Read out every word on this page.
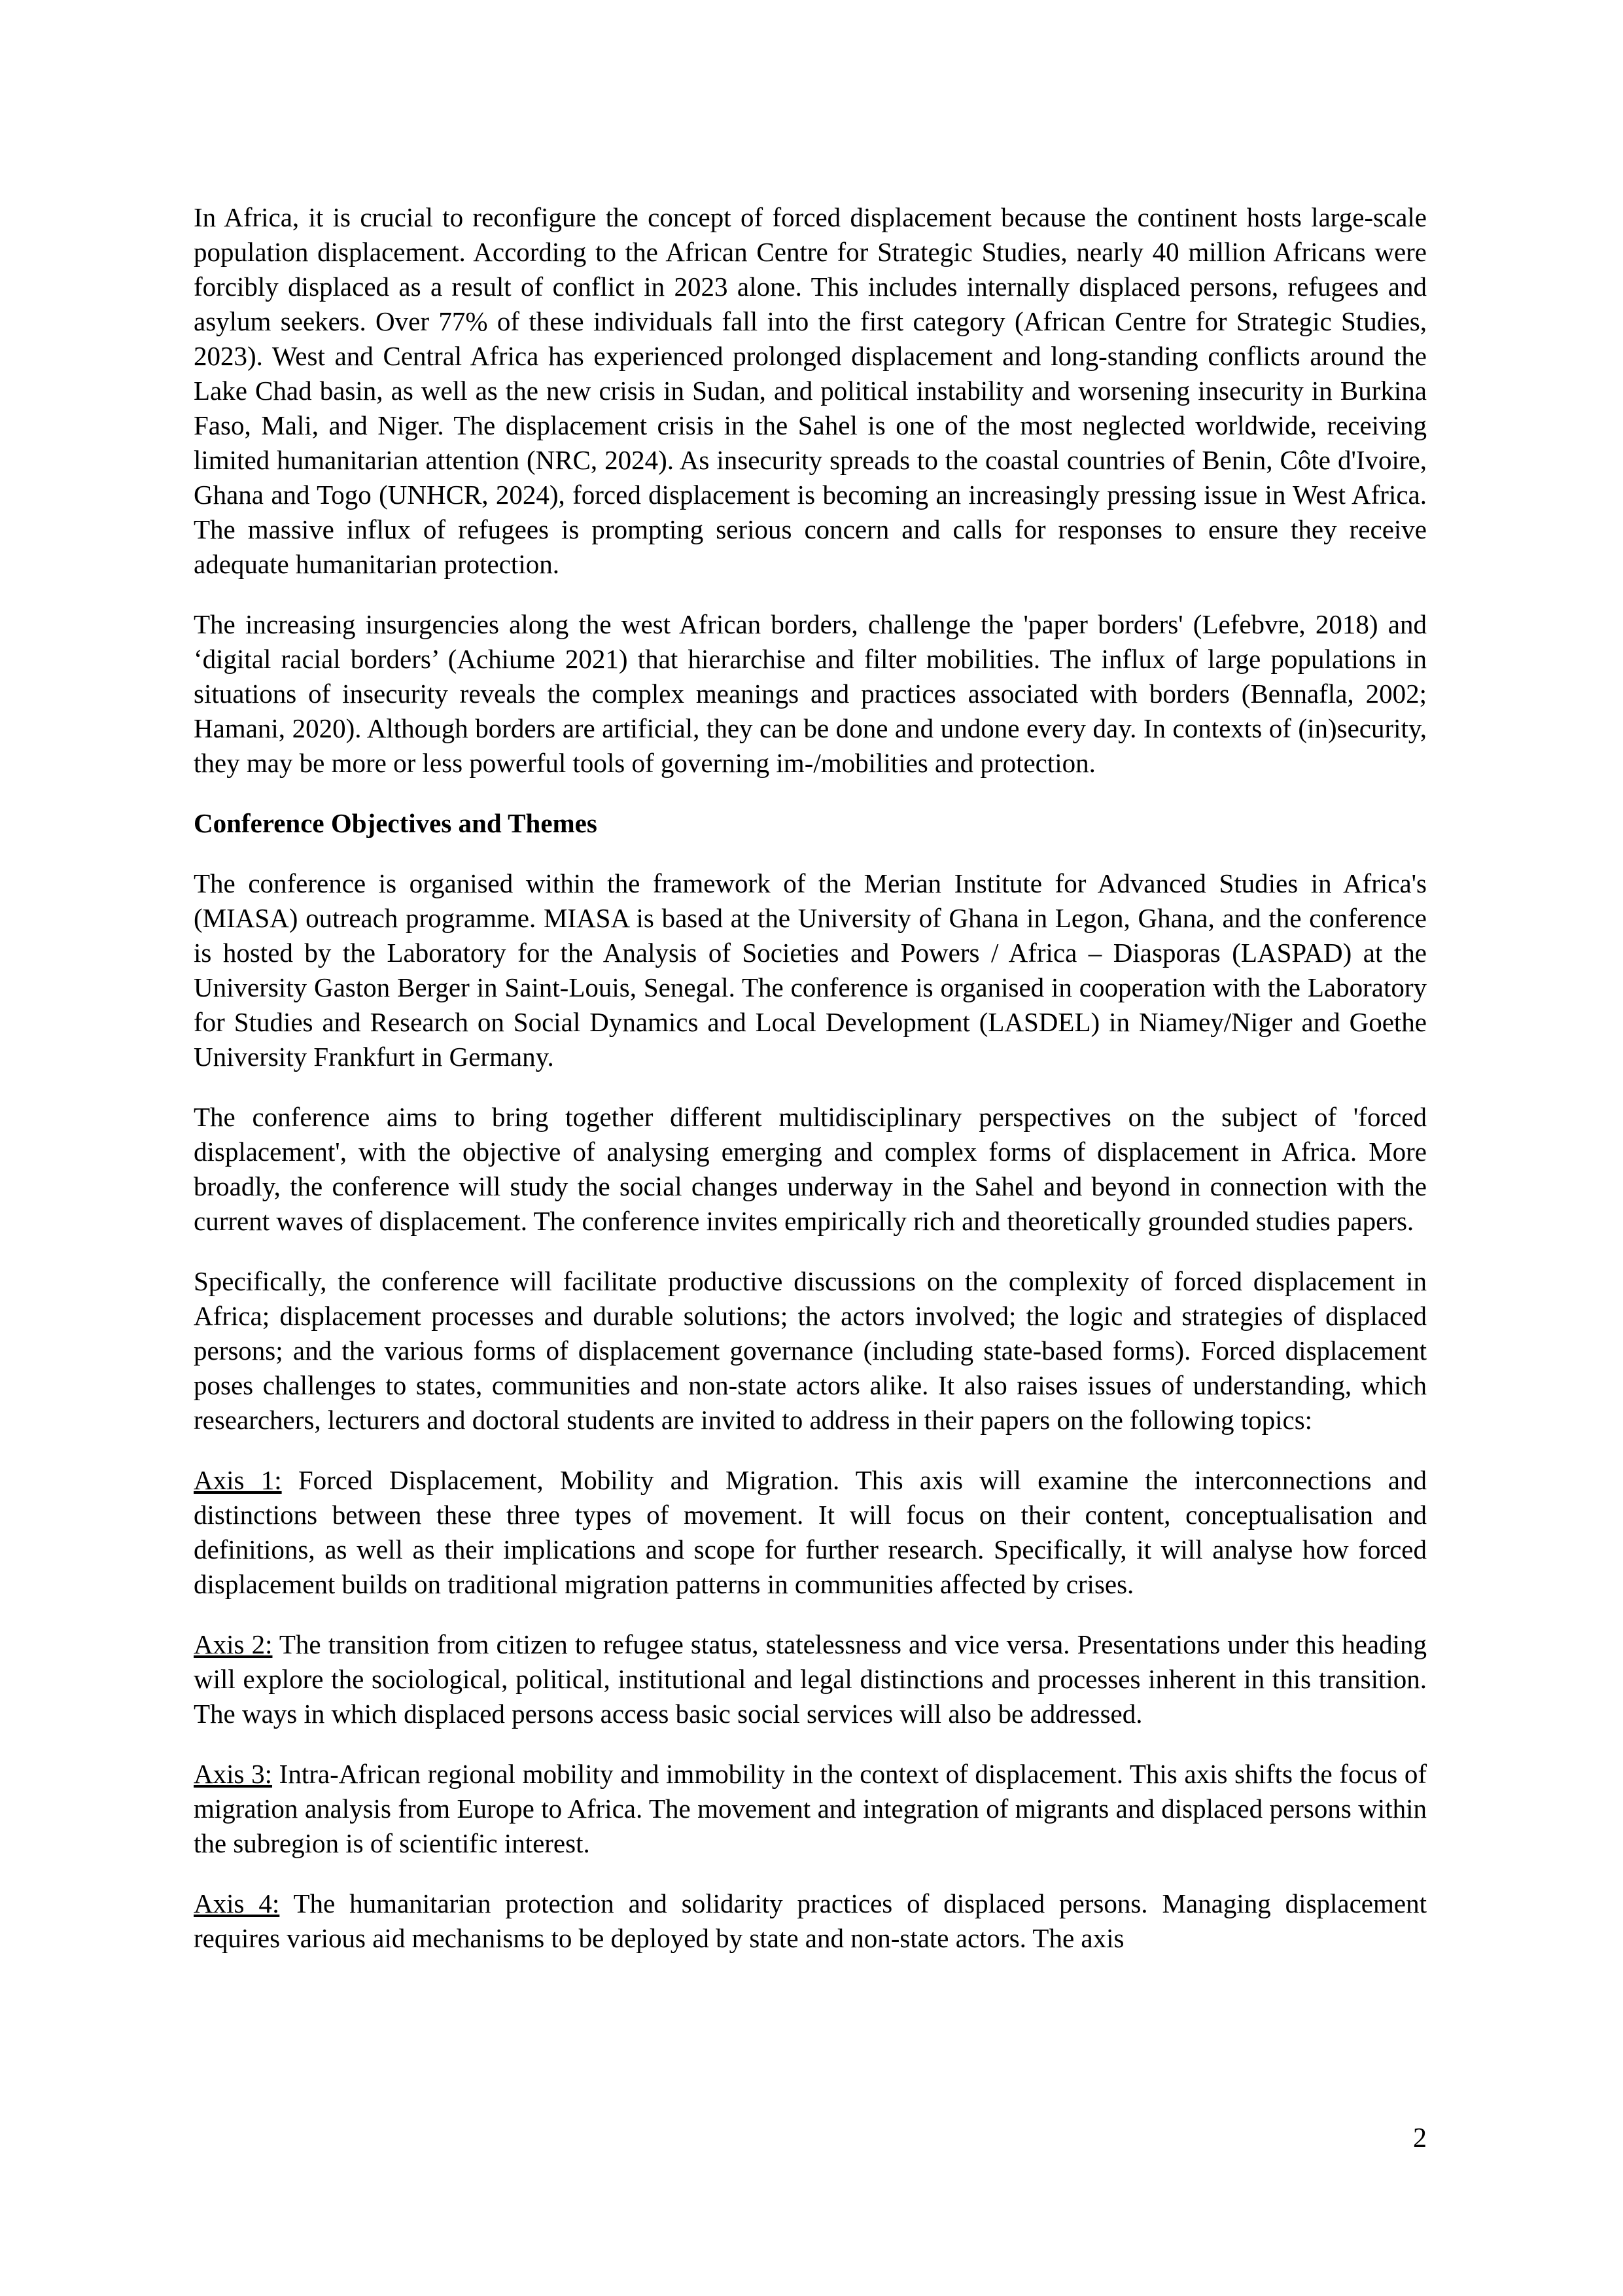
In Africa, it is crucial to reconfigure the concept of forced displacement because the continent hosts large-scale population displacement. According to the African Centre for Strategic Studies, nearly 40 million Africans were forcibly displaced as a result of conflict in 2023 alone. This includes internally displaced persons, refugees and asylum seekers. Over 77% of these individuals fall into the first category (African Centre for Strategic Studies, 2023). West and Central Africa has experienced prolonged displacement and long-standing conflicts around the Lake Chad basin, as well as the new crisis in Sudan, and political instability and worsening insecurity in Burkina Faso, Mali, and Niger. The displacement crisis in the Sahel is one of the most neglected worldwide, receiving limited humanitarian attention (NRC, 2024). As insecurity spreads to the coastal countries of Benin, Côte d'Ivoire, Ghana and Togo (UNHCR, 2024), forced displacement is becoming an increasingly pressing issue in West Africa. The massive influx of refugees is prompting serious concern and calls for responses to ensure they receive adequate humanitarian protection.

The increasing insurgencies along the west African borders, challenge the 'paper borders' (Lefebvre, 2018) and ‘digital racial borders’ (Achiume 2021) that hierarchise and filter mobilities. The influx of large populations in situations of insecurity reveals the complex meanings and practices associated with borders (Bennafla, 2002; Hamani, 2020). Although borders are artificial, they can be done and undone every day. In contexts of (in)security, they may be more or less powerful tools of governing im-/mobilities and protection.

Conference Objectives and Themes

The conference is organised within the framework of the Merian Institute for Advanced Studies in Africa's (MIASA) outreach programme. MIASA is based at the University of Ghana in Legon, Ghana, and the conference is hosted by the Laboratory for the Analysis of Societies and Powers / Africa – Diasporas (LASPAD) at the University Gaston Berger in Saint-Louis, Senegal. The conference is organised in cooperation with the Laboratory for Studies and Research on Social Dynamics and Local Development (LASDEL) in Niamey/Niger and Goethe University Frankfurt in Germany.

The conference aims to bring together different multidisciplinary perspectives on the subject of 'forced displacement', with the objective of analysing emerging and complex forms of displacement in Africa. More broadly, the conference will study the social changes underway in the Sahel and beyond in connection with the current waves of displacement. The conference invites empirically rich and theoretically grounded studies papers.

Specifically, the conference will facilitate productive discussions on the complexity of forced displacement in Africa; displacement processes and durable solutions; the actors involved; the logic and strategies of displaced persons; and the various forms of displacement governance (including state-based forms). Forced displacement poses challenges to states, communities and non-state actors alike. It also raises issues of understanding, which researchers, lecturers and doctoral students are invited to address in their papers on the following topics:

Axis 1: Forced Displacement, Mobility and Migration. This axis will examine the interconnections and distinctions between these three types of movement. It will focus on their content, conceptualisation and definitions, as well as their implications and scope for further research. Specifically, it will analyse how forced displacement builds on traditional migration patterns in communities affected by crises.

Axis 2: The transition from citizen to refugee status, statelessness and vice versa. Presentations under this heading will explore the sociological, political, institutional and legal distinctions and processes inherent in this transition. The ways in which displaced persons access basic social services will also be addressed.

Axis 3: Intra-African regional mobility and immobility in the context of displacement. This axis shifts the focus of migration analysis from Europe to Africa. The movement and integration of migrants and displaced persons within the subregion is of scientific interest.

Axis 4: The humanitarian protection and solidarity practices of displaced persons. Managing displacement requires various aid mechanisms to be deployed by state and non-state actors. The axis

2
